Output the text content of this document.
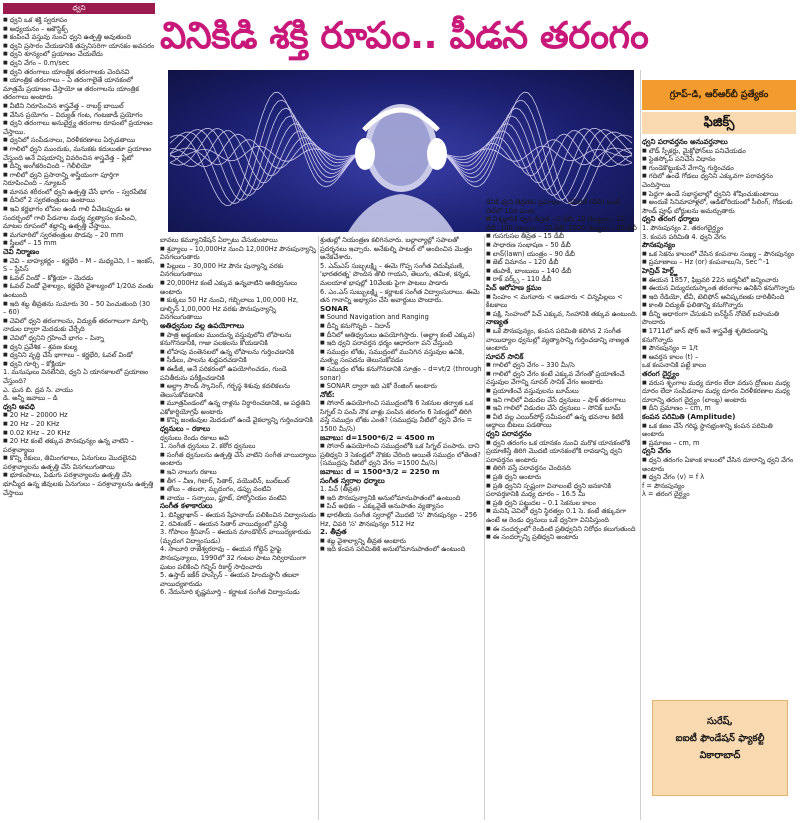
ధ్వని

■ ధ్వని ఒక శక్తి స్వరూపం

■ అధ్యయనం – ఆకౌస్టిక్స్

■ కంపించే వస్తువు నుంచి ధ్వని ఉత్పత్తి అవుతుంది

■ ధ్వని ప్రసారం చేయడానికి తప్పనిసరిగా యానకం అవసరం

■ ధ్వని శూన్యంలో ప్రయాణం చేయలేదు

■ ధ్వని వేగం – 0.m/sec

■ ధ్వని తరంగాలు యాంత్రిక తరంగాలకు చెందినవి

■ యాంత్రిక తరంగాలు – ఏ తరంగాలైతే యానకంలో మాత్రమే ప్రయాణం చేస్తాయో ఆ తరంగాలను యాంత్రిక తరంగాలు అంటారు

■ వీటిని నిరూపించిన శాస్త్రవేత్త – రాబర్ట్ బాయిల్

■ వేసిన ప్రయోగం – విద్యుత్ గంట, గంటజాడీ ప్రయోగం

■ ధ్వని తరంగాలు అనుదైర్ఘ్య తరంగాల రూపంలో ప్రయాణం చేస్తాయి.

■ ధ్వనిలో సంపీడనాలు, విరళీకరణాలు ఏర్పడతాయి

■ గాలిలో ధ్వని ముందుకు, మనుకకు కదులుతూ ప్రయాణం చేస్తుంది అనే విషయాన్ని వివరించిన శాస్త్రవేత్త – ప్లేటో

■ దీన్ని అంగీకరించింది – గెలీలియో

■ గాలిలో ధ్వని ప్రసారాన్ని శాస్త్రీయంగా పూర్తిగా నిరూపించింది – న్యూటన్

■ మానవ శరీరంలో ధ్వని ఉత్పత్తి చేసే భాగం – స్వరపేటిక

■ దీనిలో 2 స్వరతంత్రులు ఉంటాయి

■ ఇవి కర్ణభాగం లోపల ఉండి గాలి వీచేటప్పుడు ఆ సందర్భంలో గాలి పీడనాల మధ్య వ్యత్యాసం కంపించి, మాటల రూపంలో శబ్దాన్ని ఉత్పత్తి చేస్తాయి.

■ మగవారిలో స్వరతంత్రుల పొడవు – 20 mm

■ స్త్రీలలో – 15 mm

చెవి నిర్మాణం

■ చెవి – బాహ్యకర్ణం – కర్ణభేరి – M – మధ్యచెవి, I – ఇంకస్, S – స్టేపిస్

■ ఓవల్ విండో – కోక్లియా – మెదడు

■ ఓవల్ విండో వైశాల్యం, కర్ణభేరి వైశాల్యంలో 1/20వ వంతు ఉంటుంది

■ ఇది శబ్ద తీవ్రతను సుమారు 30 – 50 పెంచుతుంది (30 – 60)

■ చెవిలో ధ్వని తరంగాలను, విద్యుత్ తరంగాలుగా మార్చి నాడుల ద్వారా మెదడుకు చేర్చేది

■ చెవిలో ధ్వనిని గ్రహించే భాగం – పిన్నా

■ ధ్వని ప్రవేశిక – శ్రవణ కుల్య

■ ధ్వనిని వృద్ధి చేసే భాగాలు – కర్ణభేరి, ఓవల్ విండో

■ ధ్వని గూర్చి – కోక్లియా

1. మనుషులు వినలేనిది, ధ్వని ఏ యానకాలలో ప్రయాణం చేస్తుంది?

ఎ. ఘన బి. ద్రవ సి. వాయు

డి. అన్నీ జవాబు – డి

ధ్వని అవధి

■ 20 Hz – 20000 Hz

■ 20 Hz – 20 KHz

■ 0.02 KHz – 20 KHz

■ 20 Hz కంటే తక్కువ పౌనఃపున్యం ఉన్న వాటిని – పరశ్రావ్యాలు

■ కొన్ని రేకులు, తిమింగలాలు, ఏనుగులు మొదలైనవి పరశ్రావ్యాలను ఉత్పత్తి చేసి వినగలుగుతాయి

■ భూకంపాలు, పిడుగు పరశ్రావ్యాలను ఉత్పత్తి చేసి భూమ్మీద ఉన్న జీవులకు ఏనుగులు – పరశ్రావ్యాలను ఉత్పత్తి చేస్తాయి

వినికిడి శక్తి రూపం.. పీడన తరంగం

బావలు కమ్యూనికేషన్ ఏర్పాటు చేసుకుంటాయి

■ శ్రవ్యాలు – 10,000Hz నుంచి 12,000Hz పౌనఃపున్యాన్ని వినగలుగుతారు

■ పిల్లులు – 30,000 Hz పౌనః పున్యాన్ని వరకు వినగలుగుతాయి

■ 20,000Hz కంటే ఎక్కువ ఉన్నవాటిని అతిధ్వనులు అంటారు

■ కుక్కలు 50 Hz నుంచి, గబ్బిలాలు 1,00,000 Hz, డాల్ఫిన్ 1,00,000 Hz వరకు పౌనఃపున్యాన్ని వినగలుగుతాయి

అతిధ్వనుల వల్ల ఉపయోగాలు

■ పాత్ర అడ్డంకుల ముందున్న వస్తువులోని లోపాలను కనుగొనడానికి, గాజు పలకలను కోయడానికి

■ లోహపు వంతెనలలో ఉన్న లోపాలను గుర్తించడానికి

■ సీడీలు, పాలను శుద్ధపరచడానికి

■ ఈడీజీ, అనే పరికరంలో ఉపయోగించడం, గుండె పనితీరును పరీక్షించడానికి

■ అల్ట్రా సౌండ్ స్కానింగ్, గర్భస్థ శిశువు కదలికలను తెలుసుకోవడానికి

■ మూత్రపిండంలో ఉన్న రాళ్లను నిర్ధారించడానికి, ఆ పద్ధతిని ఎకోకార్డియోగ్రఫీ అంటారు

■ కొన్ని జంతువుల మెదడులో ఉండే వైకల్యాన్ని గుర్తించడానికి

ధ్వనులు – రకాలు

ధ్వనులు రెండు రకాలు అవి

1. సంగీత ధ్వనులు 2. కఠోర ధ్వనులు

■ సంగీత ధ్వనులను ఉత్పత్తి చేసే వాటిని సంగీత వాయిద్యాలు అంటారు

■ ఇవి నాలుగు రకాలు

■ తీగ – వీణ, గిటార్, సితార్, వయొలిన్, బుల్‌బుల్

■ తోలు – తబలా, మృదంగం, డప్పు వంటివి

■ వాయు – సన్నాయి, ఫ్లూట్, హార్మోనియం వంటివి

సంగీత కళాకారులు

1. బిస్మిల్లాఖాన్ – ఈయన షేహనాయ్ పలికించిన విద్వాంసుడు

2. రవిశంకర్ – ఈయన సితార్ వాయిద్యంలో ప్రసిద్ధి

3. గోపాలం శ్రీనివాస్ – ఈయన మాండొలిన్ వాయిద్యకారుడు (మృదంగ విద్వాంసుడు)

4. సాలూరి రాజేశ్వరరావు – ఈయన గోల్డెన్ హైఫై పౌనఃపున్యాలు, 1990లో 32 గంటల పాటు నిర్విరామంగా ఘటం పలికించి గిన్నిస్ రికార్డ్ సాధించారు

5. ఉస్తాద్ జకీర్ హుస్సేన్ – ఈయన హిందుస్థానీ తబలా వాయిద్యకారుడు

6. నేదునూరి కృష్ణమూర్తి – కర్ణాటక సంగీత విద్వాంసుడు

శ్రుతుల్లో నియంత్రణ కలిగినవారు. బల్లాల్యాల్లో సపాలతో ప్రదర్శనలు ఇచ్చారు. అనేకుల్ని పాటల్‌ లో అందించిన మొత్తం అనేకచేశారు.

5. ఎమ్‌ఎస్ సుబ్బలక్ష్మి – ఈమె గొప్ప సంగీత విదుషీమణి, 'భారతరత్న' పొందిన తొలి గాయని, తెలుగు, తమిళ, కన్నడ, మలయాళ భాషల్లో 10వేలకు పైగా పాటలు పాడారు

6. ఎం.ఎస్ సుబ్బులక్ష్మి – కర్ణాటక సంగీత విద్వాంసురాలు. ఈమె తన గానాన్ని అభ్యాసం చేసి అవార్డులు పొందారు.

SONAR

■ Sound Navigation and Ranging

■ దీన్ని కనుగొన్నది – నిదాన్

■ దీనిలో అతిధ్వనులు ఉపయోగిస్తారు. (అల్ట్రా కంటే ఎక్కువ)

■ ఇది ధ్వని పరావర్తన ధర్మం ఆధారంగా పని చేస్తుంది

■ సముద్రం లోతు, సముద్రంలో మునిగిన వస్తువుల ఉనికి, మత్స్య సంపదను తెలుసుకోవడం

■ సముద్రం లోతు కనుగొనడానికి సూత్రం – d=vt/2 (through sonar)

■ SONAR ద్వారా ఇది ఎకో రేంజింగ్ అంటారు

నోట్:

■ సోనార్ ఉపయోగించి సముద్రంలోకి 6 సెకనుల తర్వాత ఒక సిగ్నల్ ని పంపి నౌక వాళ్లు పంపిన తరంగం 6 సెకండ్లలో తిరిగి వస్తే సముద్రం లోతు ఎంత? (సముద్రపు నీటిలో ధ్వని వేగం = 1500 మీ/సె)

జవాబు: d=1500*6/2 = 4500 m

■ సోనార్ ఉపయోగించి సముద్రంలోకి ఒక సిగ్నల్ పంపారు. దాని ప్రతిధ్వని 3 సెకండ్లలో నౌకకు చేరింది అయితే సముద్రం లోతెంత?

(సముద్రపు నీటిలో ధ్వని వేగం =1500 మీ/సె)

జవాబు: d = 1500*3/2 = 2250 m

సంగీత స్వరాల ధర్మాలు

1. పిచ్ (తీవ్రత)

■ ఇది పౌనఃపున్యానికి అనులోమానుపాతంలో ఉంటుంది

■ పిచ్ అధికం – ఎక్కువైతే అనుపాతం వ్యత్యాసం

■ భారతీయ సంగీత స్వరాల్లో మొదటి 'స' పౌనఃపున్యం – 256 Hz, చివరి 'స' పౌనఃపున్యం 512 Hz

2. తీవ్రత

■ శబ్ద వైశాల్యాన్ని తీవ్రత అంటారు

■ ఇది కంపన పరిమితికి అనులోమానుపాతంలో ఉంటుంది

దీనికి ధ్వని తీవ్రతకు ప్రమాణం – డెసిబెల్ (డీబీ) అంటే బెల్‌లో 10వ వంతు

■ నిశ్శబ్దానికి ధ్వని తీవ్రత – 0 డీబీ, 10 డెబ్బులు – 10 డీబీ, 100 డెబ్బులు – 20 డీబీ, 1000 డెబ్బులు – 30 డీబీ

■ గుసగుసల తీవ్రత – 15 డీబీ

■ సాధారణ సంభాషణ – 50 డీబీ

■ లాన్(lawn) యంత్రం – 90 డీబీ

■ జెట్ విమానం – 120 డీబీ

■ తుపాకీ, బాంబులు – 140 డీబీ

■ రాక్ వర్క్స్ – 110 డీబీ

పిచ్ ఆరోహణ క్రమం

■ సింహం < మగవారు < ఆడవారు < చిన్నపిల్లలు < కీటకాలు

■ పక్షి, సింహంలో పిచ్ ఎక్కువ, సింహానికి తక్కువ ఉంటుంది.

నాణ్యత

■ ఒకే పౌనఃపున్యం, కంపన పరిమితి కలిగిన 2 సంగీత వాయిద్యాల ధ్వనుల్లో వ్యత్యాసాన్ని గుర్తించడాన్ని నాణ్యత అంటారు

సూపర్ సానిక్

■ గాలిలో ధ్వని వేగం – 330 మీ/సె

■ గాలిలో ధ్వని వేగం కంటే ఎక్కువ వేగంతో ప్రయాణించే వస్తువుల వేగాన్ని సూపర్ సానిక్ వేగం అంటారు

■ ప్రయాణించే వస్తువులను బూమ్‌లు

■ ఇవి గాలిలో విడుదల చేసే ధ్వనులు – షాక్ తరంగాలు

■ ఇవి గాలిలో విడుదల చేసే ధ్వనులు – సోనిక్ బూమ్

■ వీటి వల్ల ఎయిర్‌పోర్ట్ సమీపంలో ఉన్న భవనాల కిటికీ అద్దాలు బీటలు పడతాయి

ధ్వని పరావర్తనం

■ ధ్వని తరంగం ఒక యానకం నుంచి మరొక యానకంలోకి ప్రయాణిస్తే తిరిగి మొదటి యానకంలోకి రావడాన్ని ధ్వని పరావర్తనం అంటారు

■ తిరిగి వస్తే పరావర్తనం చెందినది

■ ప్రతి ధ్వని అంటారు

■ ప్రతి ధ్వనిని స్పష్టంగా వినాలంటే ధ్వని జనకానికి పరావర్తకానికి మధ్య దూరం – 16.5 మీ

■ ప్రతి ధ్వని పట్టుదల – 0.1 సెకనుల కాలం

■ మనిషి చెవిలో ధ్వని స్థిరత్వం 0.1 సె. కంటే తక్కువగా ఉంటే ఆ రెండు ధ్వనులు ఒకే ధ్వనిగా వినిపిస్తుంది

■ ఈ సందర్భంలో రెండింటి ప్రతిధ్వనిని నిరోధం కలుగుతుంది

■ ఈ సందర్భాన్ని ప్రతిధ్వని అంటారు

గ్రూప్-డి, ఆర్ఆర్‌బీ ప్రత్యేకం
ఫిజిక్స్

ధ్వని పరావర్తనం అనువర్తనాలు

■ లౌడ్ స్పీకర్లు, మైక్రోఫోన్‌లు పనిచేయడం

■ స్టెతస్కోప్ పనిచేసే విధానం

■ గుండెకొట్టుకునే వేగాన్ని గుర్తించడం

■ గదిలో ఉండే గోడలు ధ్వనిని ఎక్కువగా పరావర్తనం చెందిస్తాయి

■ పెద్దగా ఉండే సభాస్థలాల్లో ధ్వనిని శోషించుకుంటాయి

■ అందుకే సినిమాహాళ్లలో, ఆడిటోరియంలో సీలింగ్, గోడలకు సౌండ్ ప్రూఫ్ బోర్డులను అమర్చుతారు

ధ్వని తరంగ ధర్మాలు

1. పౌనఃపున్యం 2. తరంగదైర్ఘ్యం

3. కంపన పరిమితి 4. ధ్వని వేగం

పౌనఃపున్యం

■ ఒక సెకను కాలంలో చేసిన కంపనాల సంఖ్య – పౌనఃపున్యం

■ ప్రమాణాలు – Hz (or) కంపనాలు/సె, Sec^-1

హెన్రిచ్ హెర్ట్జ్

■ ఈయన 1857, ఫిబ్రవరి 22న జర్మనీలో జన్మించారు

■ ఈయన విద్యుదయస్కాంత తరంగాల ఉనికిని కనుగొన్నారు

■ ఇది రేడియో, టీవీ, టెలిఫోన్ ఆవిష్కరణకు దారితీసింది

■ కాంతి విద్యుత్ ఫలితాన్ని కనుగొన్నారు

■ దీన్ని ఆధారంగా చేసుకుని ఐన్‌స్టీన్ నోబెల్ బహుమతి పొందారు

■ 1711లో జాన్ షోర్ అనే శాస్త్రవేత్త శృతిదండాన్ని కనుగొన్నారు

■ పౌనఃపున్యం = 1/t

■ ఆవర్తన కాలం (t) –

ఒక కంపనానికి పట్టే కాలం

తరంగ దైర్ఘ్యం

■ వరుస శృంగాల మధ్య దూరం లేదా వరుస ద్రోణుల మధ్య దూరం లేదా సంపీడనాల మధ్య దూరం విరళీకరణాల మధ్య దూరాన్ని తరంగ దైర్ఘ్యం (లాంబ్డ) అంటారు

■ దీని ప్రమాణం – cm, m

కంపన పరిమితి (Amplitude)

■ ఒక కణం చేసే గరిష్ఠ స్థానభ్రంశాన్ని కంపన పరిమితి అంటారు

■ ప్రమాణం – cm, m

ధ్వని వేగం

■ ధ్వని తరంగం ఏకాంక కాలంలో చేసిన దూరాన్ని ధ్వని వేగం అంటారు

■ ధ్వని వేగం (v) = f λ

f = పౌనఃపున్యం

λ = తరంగ దైర్ఘ్యం

సురేష్,
ఐఐటీ ఫౌండేషన్ ఫ్యాకల్టీ
వికారాబాద్
